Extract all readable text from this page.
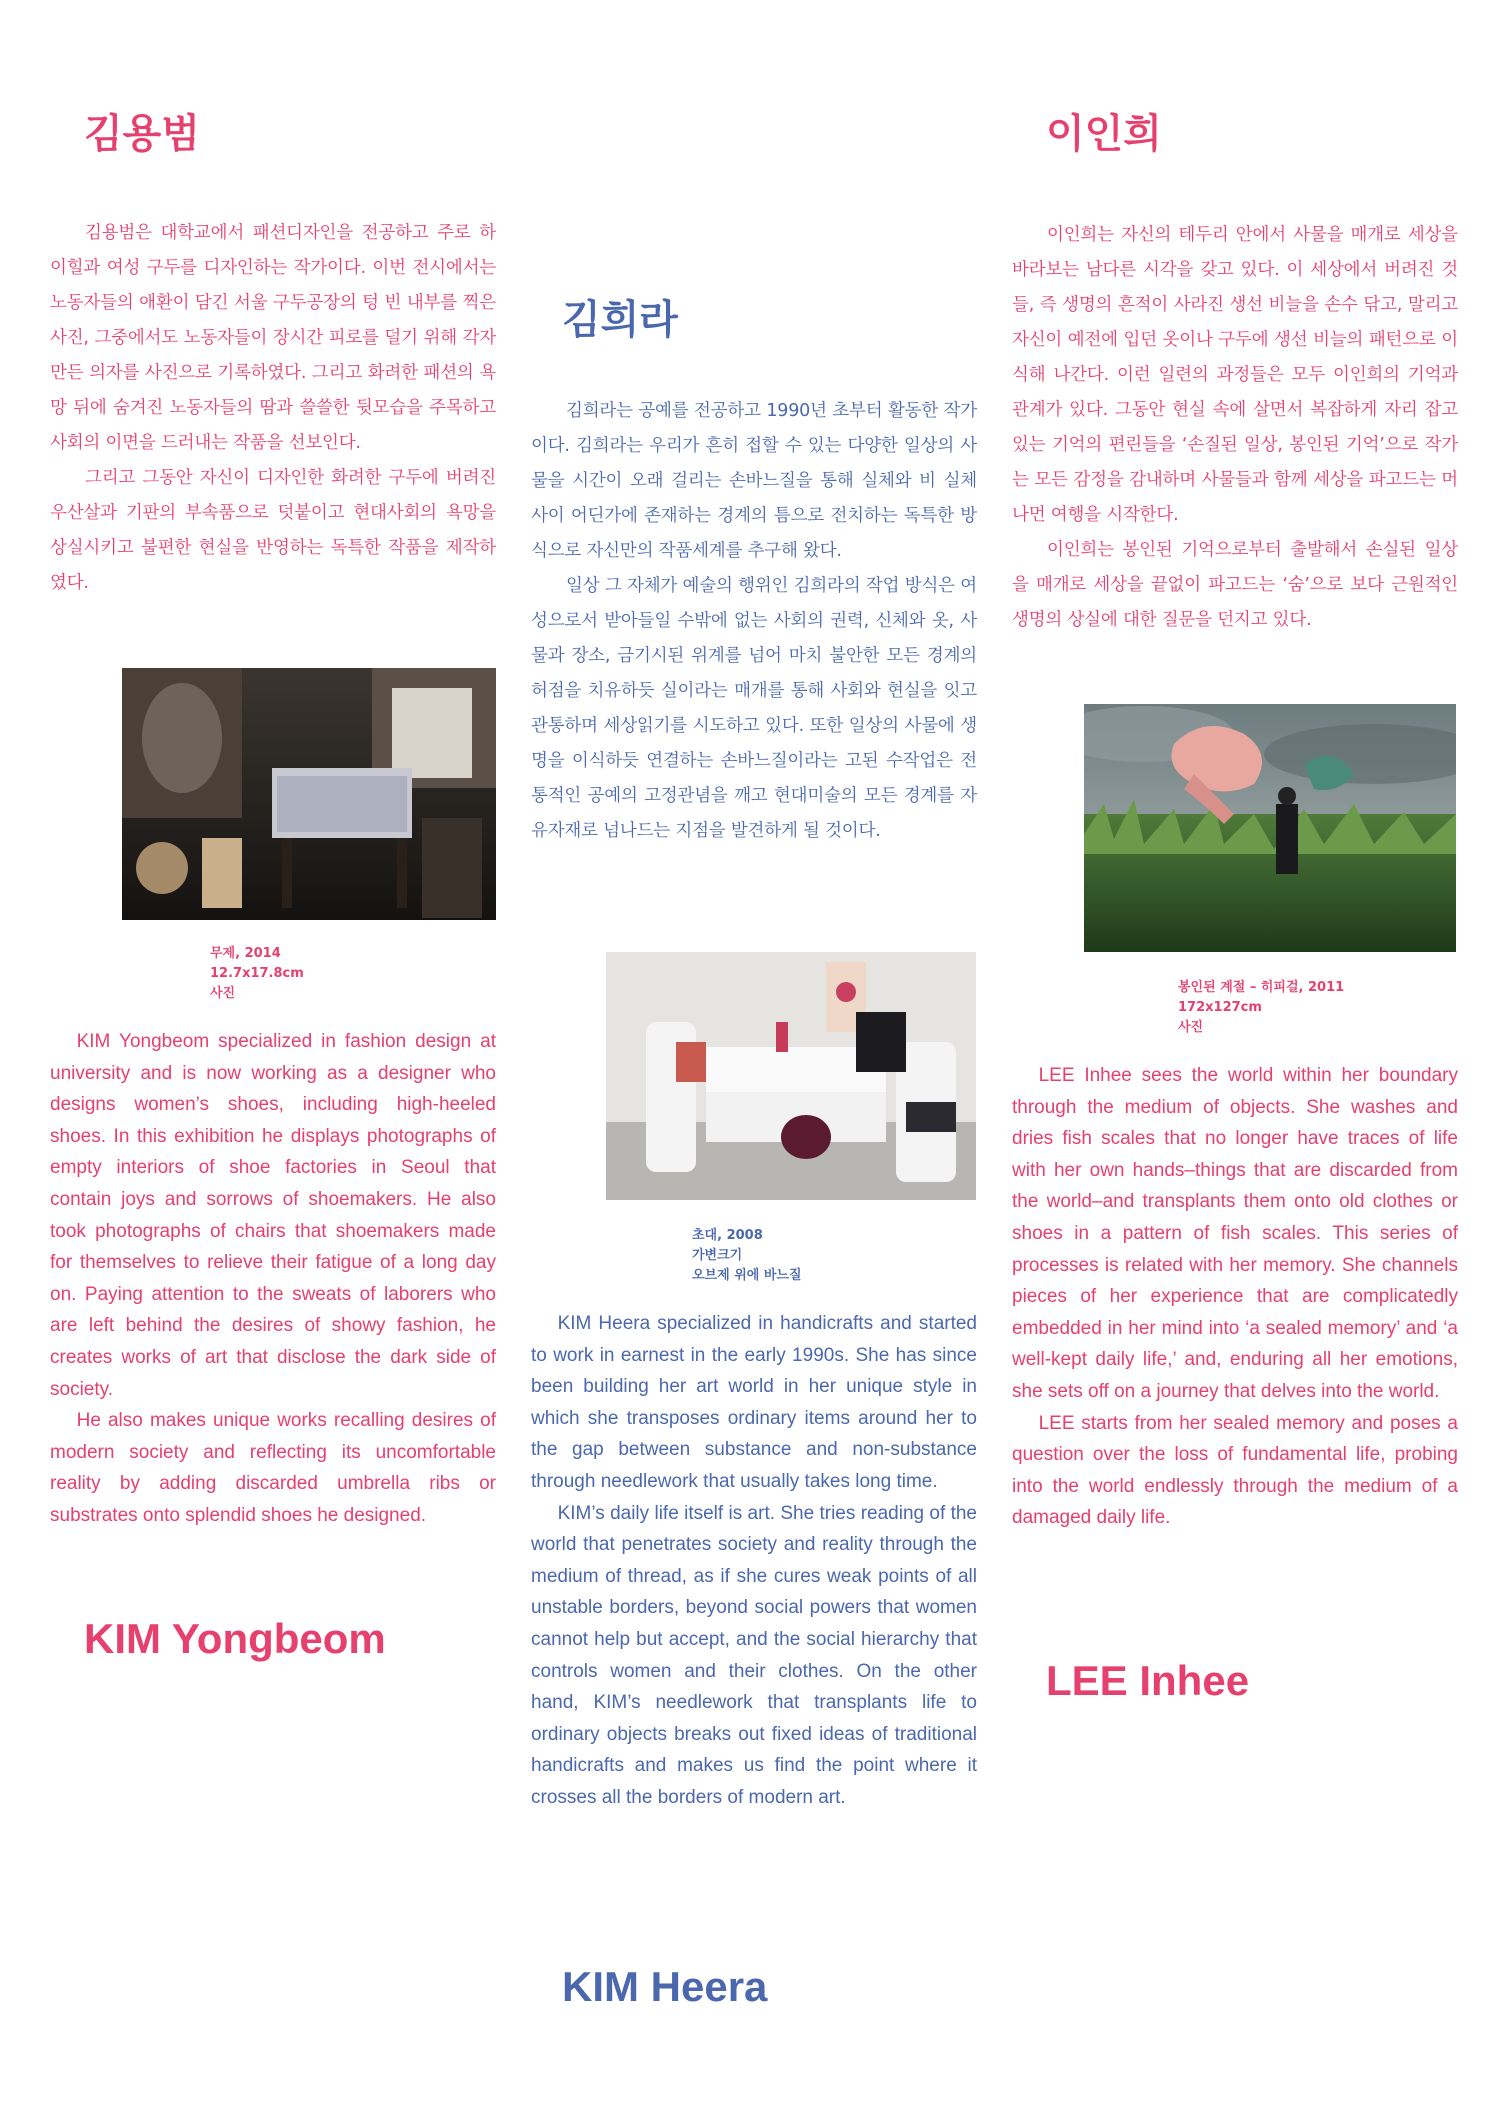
김용범

김용범은 대학교에서 패션디자인을 전공하고 주로 하이힐과 여성 구두를 디자인하는 작가이다. 이번 전시에서는 노동자들의 애환이 담긴 서울 구두공장의 텅 빈 내부를 찍은 사진, 그중에서도 노동자들이 장시간 피로를 덜기 위해 각자 만든 의자를 사진으로 기록하였다. 그리고 화려한 패션의 욕망 뒤에 숨겨진 노동자들의 땀과 쓸쓸한 뒷모습을 주목하고 사회의 이면을 드러내는 작품을 선보인다.

그리고 그동안 자신이 디자인한 화려한 구두에 버려진 우산살과 기판의 부속품으로 덧붙이고 현대사회의 욕망을 상실시키고 불편한 현실을 반영하는 독특한 작품을 제작하였다.

무제, 2014
12.7x17.8cm
사진

KIM Yongbeom specialized in fashion design at university and is now working as a designer who designs women’s shoes, including high-heeled shoes. In this exhibition he displays photographs of empty interiors of shoe factories in Seoul that contain joys and sorrows of shoemakers. He also took photographs of chairs that shoemakers made for themselves to relieve their fatigue of a long day on. Paying attention to the sweats of laborers who are left behind the desires of showy fashion, he creates works of art that disclose the dark side of society.

He also makes unique works recalling desires of modern society and reflecting its uncomfortable reality by adding discarded umbrella ribs or substrates onto splendid shoes he designed.

KIM Yongbeom
김희라

김희라는 공예를 전공하고 1990년 초부터 활동한 작가이다. 김희라는 우리가 흔히 접할 수 있는 다양한 일상의 사물을 시간이 오래 걸리는 손바느질을 통해 실체와 비 실체 사이 어딘가에 존재하는 경계의 틈으로 전치하는 독특한 방식으로 자신만의 작품세계를 추구해 왔다.

일상 그 자체가 예술의 행위인 김희라의 작업 방식은 여성으로서 받아들일 수밖에 없는 사회의 권력, 신체와 옷, 사물과 장소, 금기시된 위계를 넘어 마치 불안한 모든 경계의 허점을 치유하듯 실이라는 매개를 통해 사회와 현실을 잇고 관통하며 세상읽기를 시도하고 있다. 또한 일상의 사물에 생명을 이식하듯 연결하는 손바느질이라는 고된 수작업은 전통적인 공예의 고정관념을 깨고 현대미술의 모든 경계를 자유자재로 넘나드는 지점을 발견하게 될 것이다.

초대, 2008
가변크기
오브제 위에 바느질

KIM Heera specialized in handicrafts and started to work in earnest in the early 1990s. She has since been building her art world in her unique style in which she transposes ordinary items around her to the gap between substance and non-substance through needlework that usually takes long time.

KIM’s daily life itself is art. She tries reading of the world that penetrates society and reality through the medium of thread, as if she cures weak points of all unstable borders, beyond social powers that women cannot help but accept, and the social hierarchy that controls women and their clothes. On the other hand, KIM’s needlework that transplants life to ordinary objects breaks out fixed ideas of traditional handicrafts and makes us find the point where it crosses all the borders of modern art.

KIM Heera
이인희

이인희는 자신의 테두리 안에서 사물을 매개로 세상을 바라보는 남다른 시각을 갖고 있다. 이 세상에서 버려진 것들, 즉 생명의 흔적이 사라진 생선 비늘을 손수 닦고, 말리고 자신이 예전에 입던 옷이나 구두에 생선 비늘의 패턴으로 이식해 나간다. 이런 일련의 과정들은 모두 이인희의 기억과 관계가 있다. 그동안 현실 속에 살면서 복잡하게 자리 잡고 있는 기억의 편린들을 ‘손질된 일상, 봉인된 기억’으로 작가는 모든 감정을 감내하며 사물들과 함께 세상을 파고드는 머나먼 여행을 시작한다.

이인희는 봉인된 기억으로부터 출발해서 손실된 일상을 매개로 세상을 끝없이 파고드는 ‘숨’으로 보다 근원적인 생명의 상실에 대한 질문을 던지고 있다.

봉인된 계절 – 히피걸, 2011
172x127cm
사진

LEE Inhee sees the world within her boundary through the medium of objects. She washes and dries fish scales that no longer have traces of life with her own hands–things that are discarded from the world–and transplants them onto old clothes or shoes in a pattern of fish scales. This series of processes is related with her memory. She channels pieces of her experience that are complicatedly embedded in her mind into ‘a sealed memory’ and ‘a well-kept daily life,’ and, enduring all her emotions, she sets off on a journey that delves into the world.

LEE starts from her sealed memory and poses a question over the loss of fundamental life, probing into the world endlessly through the medium of a damaged daily life.

LEE Inhee
